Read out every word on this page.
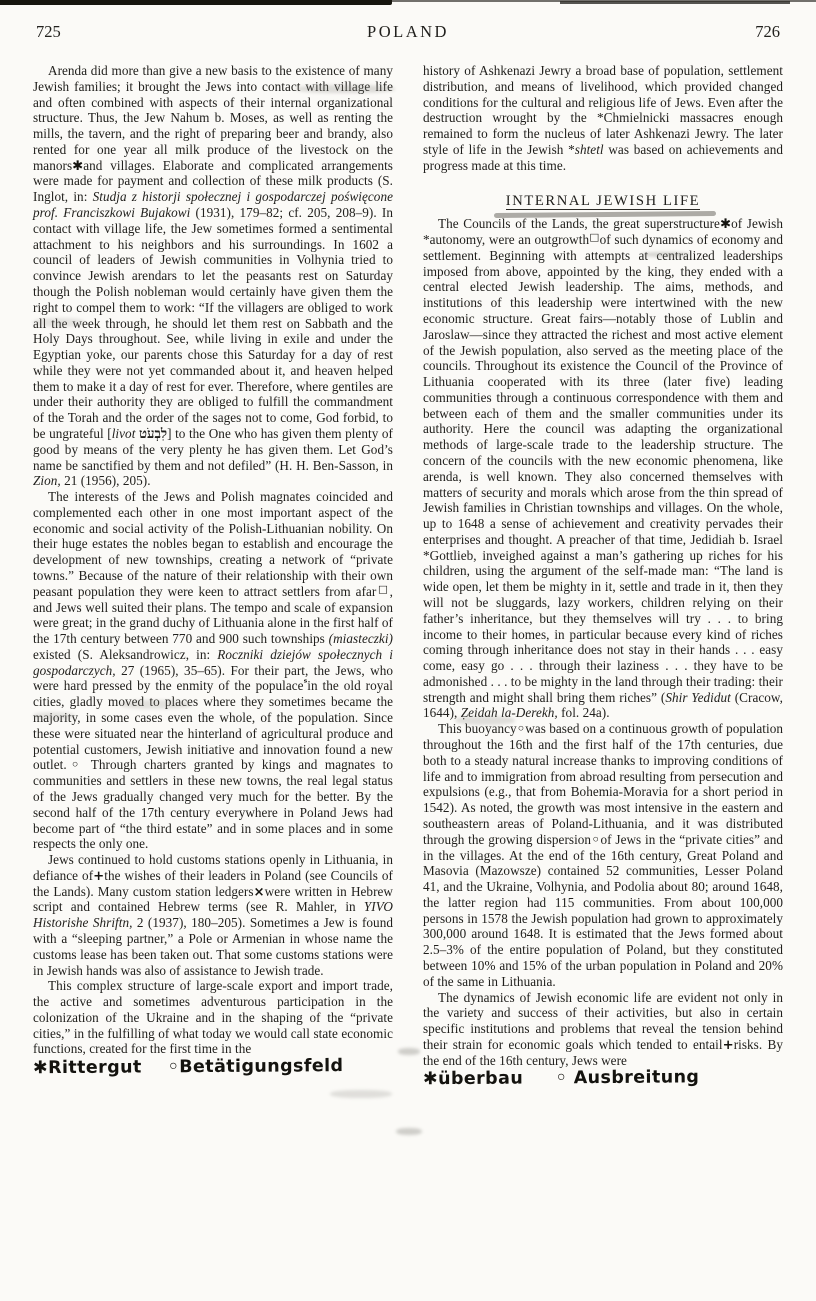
725	POLAND	726

Arenda did more than give a new basis to the existence of many Jewish families; it brought the Jews into contact with village life and often combined with aspects of their internal organizational structure. Thus, the Jew Nahum b. Moses, as well as renting the mills, the tavern, and the right of preparing beer and brandy, also rented for one year all milk produce of the livestock on the manors✱and villages. Elaborate and complicated arrangements were made for payment and collection of these milk products (S. Inglot, in: Studja z historji społecznej i gospodarczej poświęcone prof. Franciszkowi Bujakowi (1931), 179–82; cf. 205, 208–9). In contact with village life, the Jew sometimes formed a sentimental attachment to his neighbors and his surroundings. In 1602 a council of leaders of Jewish communities in Volhynia tried to convince Jewish arendars to let the peasants rest on Saturday though the Polish nobleman would certainly have given them the right to compel them to work: “If the villagers are obliged to work all the week through, he should let them rest on Sabbath and the Holy Days throughout. See, while living in exile and under the Egyptian yoke, our parents chose this Saturday for a day of rest while they were not yet commanded about it, and heaven helped them to make it a day of rest for ever. Therefore, where gentiles are under their authority they are obliged to fulfill the commandment of the Torah and the order of the sages not to come, God forbid, to be ungrateful [livot לִבְעֹט] to the One who has given them plenty of good by means of the very plenty he has given them. Let God’s name be sanctified by them and not defiled” (H. H. Ben-Sasson, in Zion, 21 (1956), 205).

The interests of the Jews and Polish magnates coincided and complemented each other in one most important aspect of the economic and social activity of the Polish-Lithuanian nobility. On their huge estates the nobles began to establish and encourage the development of new townships, creating a network of “private towns.” Because of the nature of their relationship with their own peasant population they were keen to attract settlers from afar□, and Jews well suited their plans. The tempo and scale of expansion were great; in the grand duchy of Lithuania alone in the first half of the 17th century between 770 and 900 such townships (miasteczki) existed (S. Aleksandrowicz, in: Roczniki dziejów społecznych i gospodarczych, 27 (1965), 35–65). For their part, the Jews, who were hard pressed by the enmity of the populace$^ˢ$in the old royal cities, gladly moved to places where they sometimes became the majority, in some cases even the whole, of the population. Since these were situated near the hinterland of agricultural produce and potential customers, Jewish initiative and innovation found a new outlet.◦ Through charters granted by kings and magnates to communities and settlers in these new towns, the real legal status of the Jews gradually changed very much for the better. By the second half of the 17th century everywhere in Poland Jews had become part of “the third estate” and in some places and in some respects the only one.

Jews continued to hold customs stations openly in Lithuania, in defiance of+the wishes of their leaders in Poland (see Councils of the Lands). Many custom station ledgers×were written in Hebrew script and contained Hebrew terms (see R. Mahler, in YIVO Historishe Shriftn, 2 (1937), 180–205). Sometimes a Jew is found with a “sleeping partner,” a Pole or Armenian in whose name the customs lease has been taken out. That some customs stations were in Jewish hands was also of assistance to Jewish trade.

This complex structure of large-scale export and import trade, the active and sometimes adventurous participation in the colonization of the Ukraine and in the shaping of the “private cities,” in the fulfilling of what today we would call state economic functions, created for the first time in the

✱Rittergut    ◦Betätigungsfeld

history of Ashkenazi Jewry a broad base of population, settlement distribution, and means of livelihood, which provided changed conditions for the cultural and religious life of Jews. Even after the destruction wrought by the *Chmielnicki massacres enough remained to form the nucleus of later Ashkenazi Jewry. The later style of life in the Jewish *shtetl was based on achievements and progress made at this time.

INTERNAL JEWISH LIFE

The Councils of the Lands, the great superstructure✱of Jewish *autonomy, were an outgrowth□of such dynamics of economy and settlement. Beginning with attempts at centralized leaderships imposed from above, appointed by the king, they ended with a central elected Jewish leadership. The aims, methods, and institutions of this leadership were intertwined with the new economic structure. Great fairs—notably those of Lublin and Jaroslaw—since they attracted the richest and most active element of the Jewish population, also served as the meeting place of the councils. Throughout its existence the Council of the Province of Lithuania cooperated with its three (later five) leading communities through a continuous correspondence with them and between each of them and the smaller communities under its authority. Here the council was adapting the organizational methods of large-scale trade to the leadership structure. The concern of the councils with the new economic phenomena, like arenda, is well known. They also concerned themselves with matters of security and morals which arose from the thin spread of Jewish families in Christian townships and villages. On the whole, up to 1648 a sense of achievement and creativity pervades their enterprises and thought. A preacher of that time, Jedidiah b. Israel *Gottlieb, inveighed against a man’s gathering up riches for his children, using the argument of the self-made man: “The land is wide open, let them be mighty in it, settle and trade in it, then they will not be sluggards, lazy workers, children relying on their father’s inheritance, but they themselves will try . . . to bring income to their homes, in particular because every kind of riches coming through inheritance does not stay in their hands . . . easy come, easy go . . . through their laziness . . . they have to be admonished . . . to be mighty in the land through their trading: their strength and might shall bring them riches” (Shir Yedidut (Cracow, 1644), Ẓeidah la-Derekh, fol. 24a).

This buoyancy◦was based on a continuous growth of population throughout the 16th and the first half of the 17th centuries, due both to a steady natural increase thanks to improving conditions of life and to immigration from abroad resulting from persecution and expulsions (e.g., that from Bohemia-Moravia for a short period in 1542). As noted, the growth was most intensive in the eastern and southeastern areas of Poland-Lithuania, and it was distributed through the growing dispersion◦of Jews in the “private cities” and in the villages. At the end of the 16th century, Great Poland and Masovia (Mazowsze) contained 52 communities, Lesser Poland 41, and the Ukraine, Volhynia, and Podolia about 80; around 1648, the latter region had 115 communities. From about 100,000 persons in 1578 the Jewish population had grown to approximately 300,000 around 1648. It is estimated that the Jews formed about 2.5–3% of the entire population of Poland, but they constituted between 10% and 15% of the urban population in Poland and 20% of the same in Lithuania.

The dynamics of Jewish economic life are evident not only in the variety and success of their activities, but also in certain specific institutions and problems that reveal the tension behind their strain for economic goals which tended to entail+risks. By the end of the 16th century, Jews were

✱überbau     ◦ Ausbreitung
